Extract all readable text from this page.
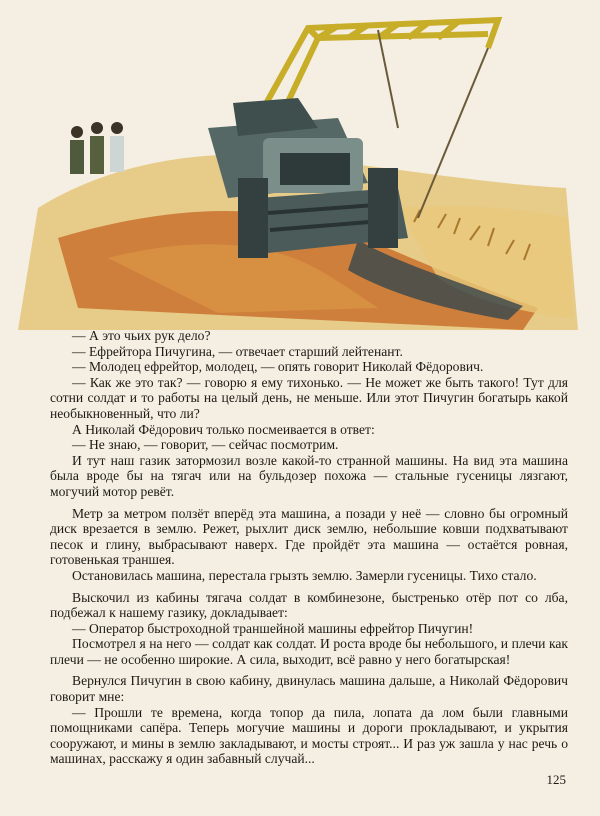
— А это чьих рук дело?

— Ефрейтора Пичугина, — отвечает старший лейтенант.

— Молодец ефрейтор, молодец, — опять говорит Николай Фёдорович.

— Как же это так? — говорю я ему тихонько. — Не может же быть такого! Тут для сотни солдат и то работы на целый день, не меньше. Или этот Пичугин богатырь какой необыкновенный, что ли?

А Николай Фёдорович только посмеивается в ответ:

— Не знаю, — говорит, — сейчас посмотрим.

И тут наш газик затормозил возле какой-то странной машины. На вид эта машина была вроде бы на тягач или на бульдозер похожа — стальные гусеницы лязгают, могучий мотор ревёт.

Метр за метром ползёт вперёд эта машина, а позади у неё — словно бы огромный диск врезается в землю. Режет, рыхлит диск землю, небольшие ковши подхватывают песок и глину, выбрасывают наверх. Где пройдёт эта машина — остаётся ровная, готовенькая траншея.

Остановилась машина, перестала грызть землю. Замерли гусеницы. Тихо стало.

Выскочил из кабины тягача солдат в комбинезоне, быстренько отёр пот со лба, подбежал к нашему газику, докладывает:

— Оператор быстроходной траншейной машины ефрейтор Пичугин!

Посмотрел я на него — солдат как солдат. И роста вроде бы небольшого, и плечи как плечи — не особенно широкие. А сила, выходит, всё равно у него богатырская!

Вернулся Пичугин в свою кабину, двинулась машина дальше, а Николай Фёдорович говорит мне:

— Прошли те времена, когда топор да пила, лопата да лом были главными помощниками сапёра. Теперь могучие машины и дороги прокладывают, и укрытия сооружают, и мины в землю закладывают, и мосты строят... И раз уж зашла у нас речь о машинах, расскажу я один забавный случай...

125
